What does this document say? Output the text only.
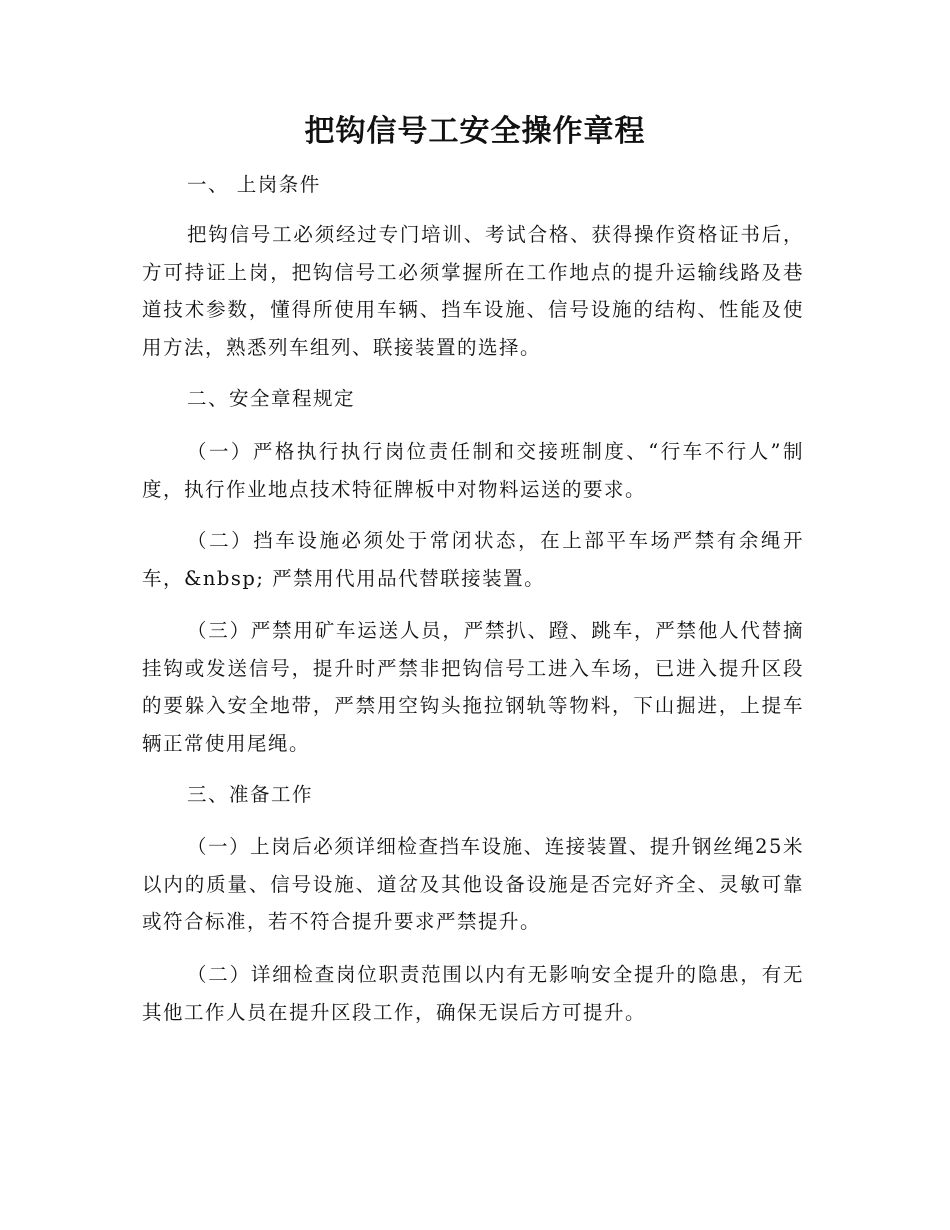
把钩信号工安全操作章程

一、 上岗条件

把钩信号工必须经过专门培训、考试合格、获得操作资格证书后，方可持证上岗，把钩信号工必须掌握所在工作地点的提升运输线路及巷道技术参数，懂得所使用车辆、挡车设施、信号设施的结构、性能及使用方法，熟悉列车组列、联接装置的选择。

二、安全章程规定

（一）严格执行执行岗位责任制和交接班制度、“行车不行人”制度，执行作业地点技术特征牌板中对物料运送的要求。

（二）挡车设施必须处于常闭状态，在上部平车场严禁有余绳开车，&nbsp; 严禁用代用品代替联接装置。

（三）严禁用矿车运送人员，严禁扒、蹬、跳车，严禁他人代替摘挂钩或发送信号，提升时严禁非把钩信号工进入车场，已进入提升区段的要躲入安全地带，严禁用空钩头拖拉钢轨等物料，下山掘进，上提车辆正常使用尾绳。

三、准备工作

（一）上岗后必须详细检查挡车设施、连接装置、提升钢丝绳25米以内的质量、信号设施、道岔及其他设备设施是否完好齐全、灵敏可靠或符合标准，若不符合提升要求严禁提升。

（二）详细检查岗位职责范围以内有无影响安全提升的隐患，有无其他工作人员在提升区段工作，确保无误后方可提升。
